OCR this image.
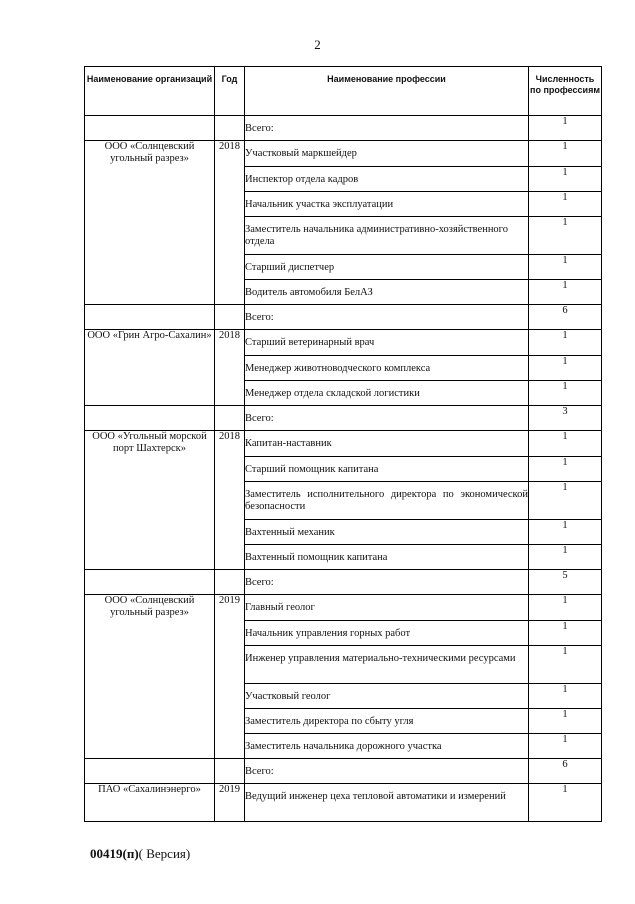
2
Наименование организаций	Год	Наименование профессии	Численность по профессиям

		Всего:	1
ООО «Солнцевский угольный разрез»	2018	Участковый маркшейдер	1

		Инспектор отдела кадров	1

		Начальник участка эксплуатации	1

		Заместитель начальника административно-хозяйственного отдела	1

		Старший диспетчер	1

		Водитель автомобиля БелАЗ	1

		Всего:	6
ООО «Грин Агро-Сахалин»	2018	Старший ветеринарный врач	1

		Менеджер животноводческого комплекса	1

		Менеджер отдела складской логистики	1

		Всего:	3
ООО «Угольный морской порт Шахтерск»	2018	Капитан-наставник	1

		Старший помощник капитана	1

		Заместитель исполнительного директора по экономической безопасности	1

		Вахтенный механик	1

		Вахтенный помощник капитана	1

		Всего:	5
ООО «Солнцевский угольный разрез»	2019	Главный геолог	1

		Начальник управления горных работ	1

		Инженер управления материально-техническими ресурсами	1

		Участковый геолог	1

		Заместитель директора по сбыту угля	1

		Заместитель начальника дорожного участка	1

		Всего:	6
ПАО «Сахалинэнерго»	2019	Ведущий инженер цеха тепловой автоматики и измерений	1
00419(п)( Версия)
